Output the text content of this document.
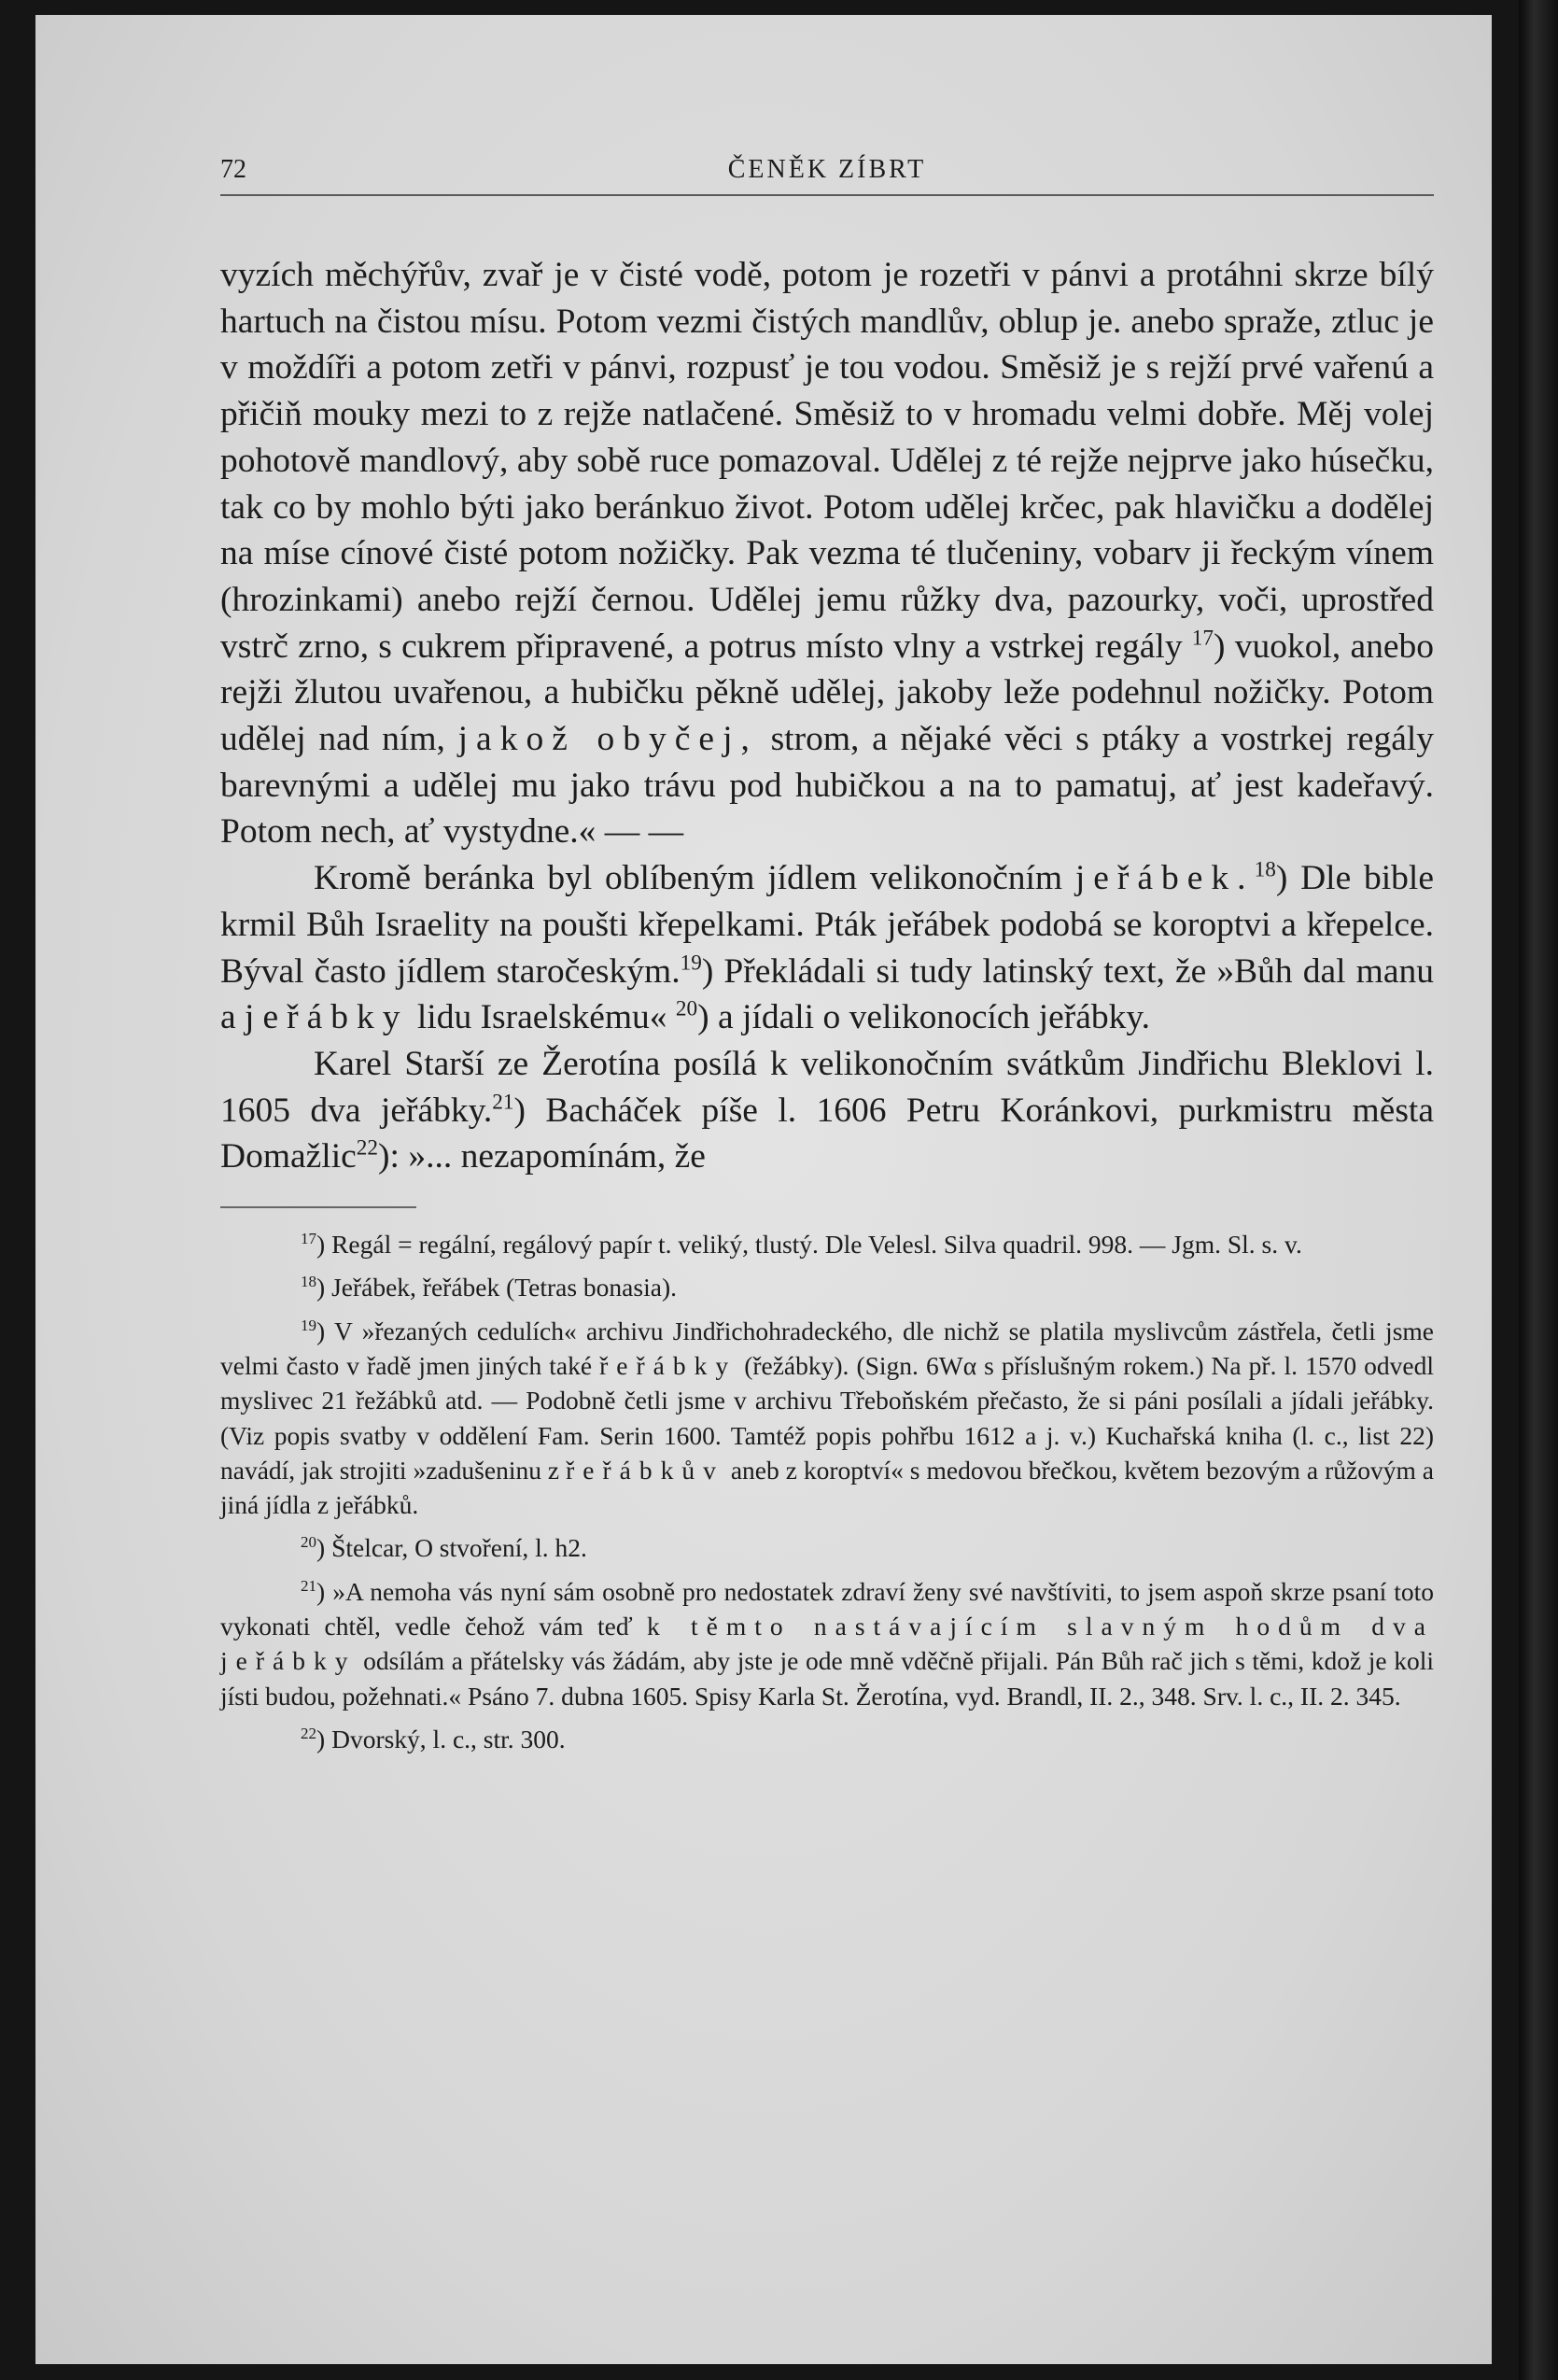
72	ČENĚK ZÍBRT

vyzích měchýřův, zvař je v čisté vodě, potom je rozetři v pánvi a protáhni skrze bílý hartuch na čistou mísu. Potom vezmi čistých mandlův, oblup je. anebo spraže, ztluc je v moždíři a potom zetři v pánvi, rozpusť je tou vodou. Směsiž je s rejží prvé vařenú a přičiň mouky mezi to z rejže natlačené. Směsiž to v hromadu velmi dobře. Měj volej pohotově mandlový, aby sobě ruce pomazoval. Udělej z té rejže nejprve jako húsečku, tak co by mohlo býti jako beránkuo život. Potom udělej krčec, pak hlavičku a dodělej na míse cínové čisté potom nožičky. Pak vezma té tlučeniny, vobarv ji řeckým vínem (hrozinkami) anebo rejží černou. Udělej jemu růžky dva, pazourky, voči, uprostřed vstrč zrno, s cukrem připravené, a potrus místo vlny a vstrkej regály $^{17}$) vuokol, anebo rejži žlutou uvařenou, a hubičku pěkně udělej, jakoby leže podehnul nožičky. Potom udělej nad ním, jakož obyčej, strom, a nějaké věci s ptáky a vostrkej regály barevnými a udělej mu jako trávu pod hubičkou a na to pamatuj, ať jest kadeřavý. Potom nech, ať vystydne.« — —

Kromě beránka byl oblíbeným jídlem velikonočním jeřábek.$^{18}$) Dle bible krmil Bůh Israelity na poušti křepelkami. Pták jeřábek podobá se koroptvi a křepelce. Býval často jídlem staročeským.$^{19}$) Překládali si tudy latinský text, že »Bůh dal manu a jeřábky lidu Israelskému« $^{20}$) a jídali o velikonocích jeřábky.

Karel Starší ze Žerotína posílá k velikonočním svátkům Jindřichu Bleklovi l. 1605 dva jeřábky.$^{21}$) Bacháček píše l. 1606 Petru Koránkovi, purkmistru města Domažlic$^{22}$): »... nezapomínám, že

$^{17}$) Regál = regální, regálový papír t. veliký, tlustý. Dle Velesl. Silva quadril. 998. — Jgm. Sl. s. v.

$^{18}$) Jeřábek, řeřábek (Tetras bonasia).

$^{19}$) V »řezaných cedulích« archivu Jindřichohradeckého, dle nichž se platila myslivcům zástřela, četli jsme velmi často v řadě jmen jiných také řeřábky (řežábky). (Sign. 6Wα s příslušným rokem.) Na př. l. 1570 odvedl myslivec 21 řežábků atd. — Podobně četli jsme v archivu Třeboňském přečasto, že si páni posílali a jídali jeřábky. (Viz popis svatby v oddělení Fam. Serin 1600. Tamtéž popis pohřbu 1612 a j. v.) Kuchařská kniha (l. c., list 22) navádí, jak strojiti »zadušeninu z řeřábkův aneb z koroptví« s medovou břečkou, květem bezovým a růžovým a jiná jídla z jeřábků.

$^{20}$) Štelcar, O stvoření, l. h2.

$^{21}$) »A nemoha vás nyní sám osobně pro nedostatek zdraví ženy své navštíviti, to jsem aspoň skrze psaní toto vykonati chtěl, vedle čehož vám teď k těmto nastávajícím slavným hodům dva jeřábky odsílám a přátelsky vás žádám, aby jste je ode mně vděčně přijali. Pán Bůh rač jich s těmi, kdož je koli jísti budou, požehnati.« Psáno 7. dubna 1605. Spisy Karla St. Žerotína, vyd. Brandl, II. 2., 348. Srv. l. c., II. 2. 345.

$^{22}$) Dvorský, l. c., str. 300.
